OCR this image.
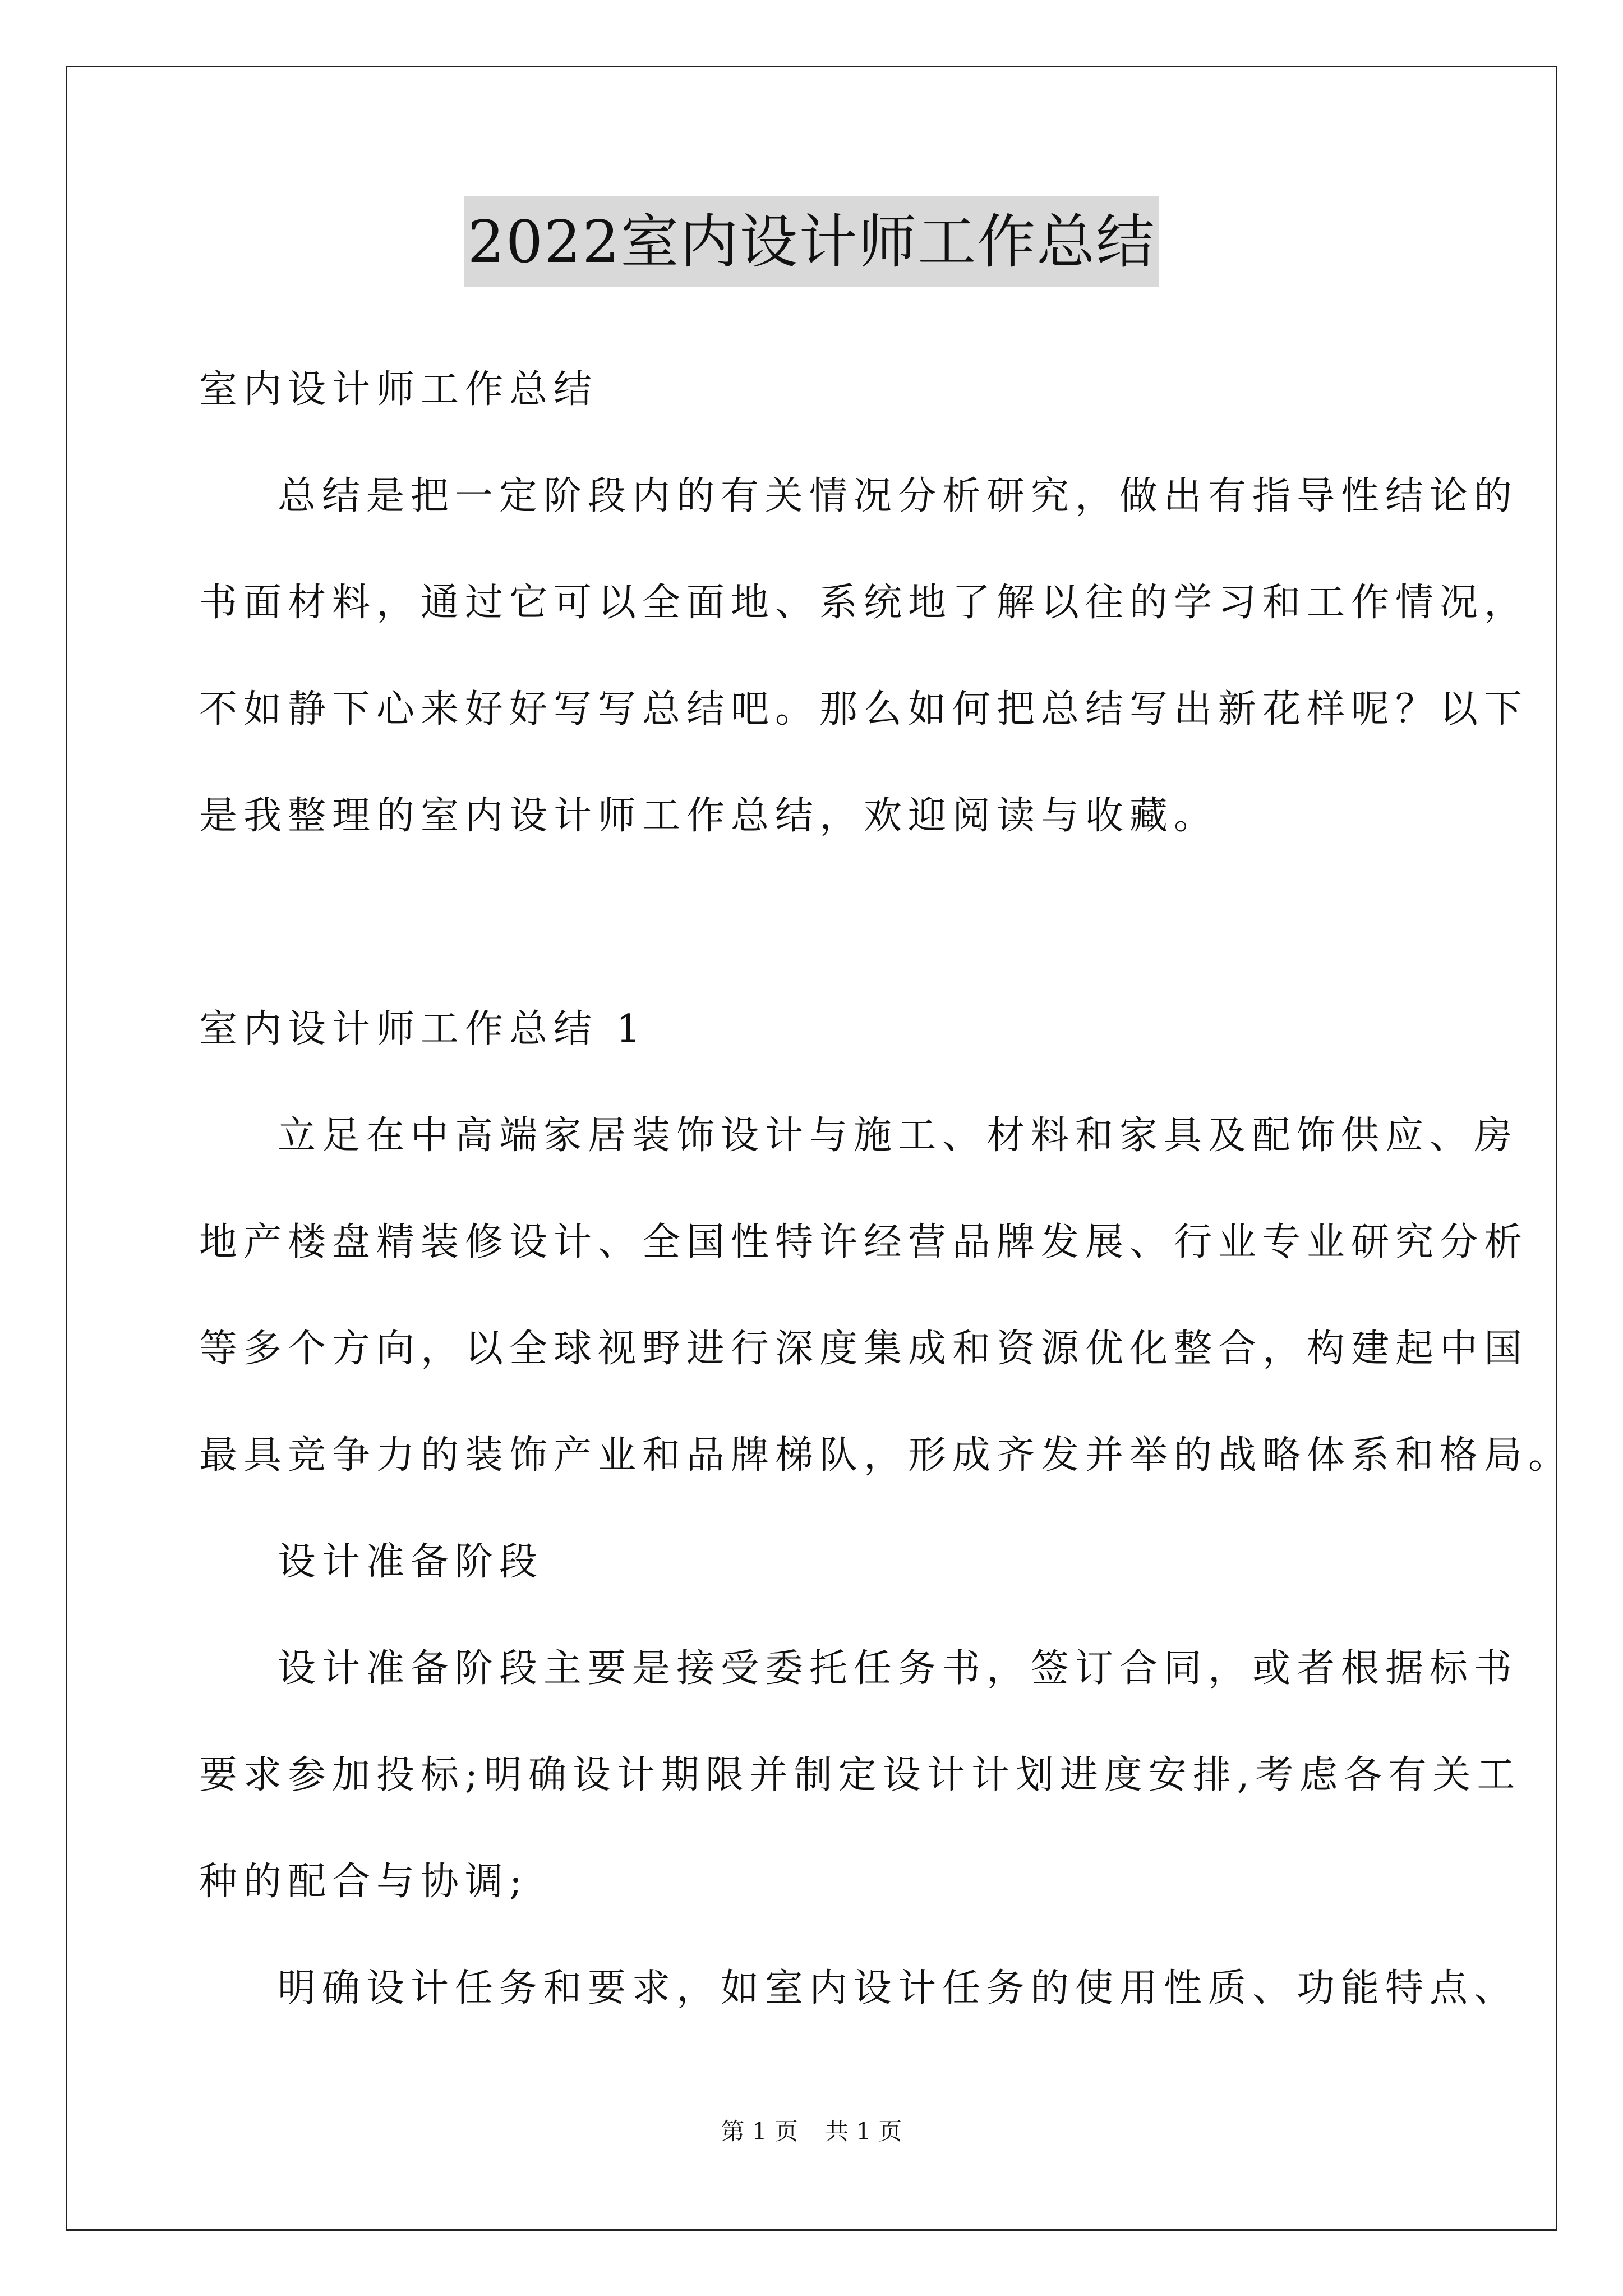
2022室内设计师工作总结
室内设计师工作总结
总结是把一定阶段内的有关情况分析研究，做出有指导性结论的
书面材料，通过它可以全面地、系统地了解以往的学习和工作情况，
不如静下心来好好写写总结吧。那么如何把总结写出新花样呢？以下
是我整理的室内设计师工作总结，欢迎阅读与收藏。
室内设计师工作总结 1
立足在中高端家居装饰设计与施工、材料和家具及配饰供应、房
地产楼盘精装修设计、全国性特许经营品牌发展、行业专业研究分析
等多个方向，以全球视野进行深度集成和资源优化整合，构建起中国
最具竞争力的装饰产业和品牌梯队，形成齐发并举的战略体系和格局。
设计准备阶段
设计准备阶段主要是接受委托任务书，签订合同，或者根据标书
要求参加投标;明确设计期限并制定设计计划进度安排,考虑各有关工
种的配合与协调;
明确设计任务和要求，如室内设计任务的使用性质、功能特点、
第 1 页 共 1 页
